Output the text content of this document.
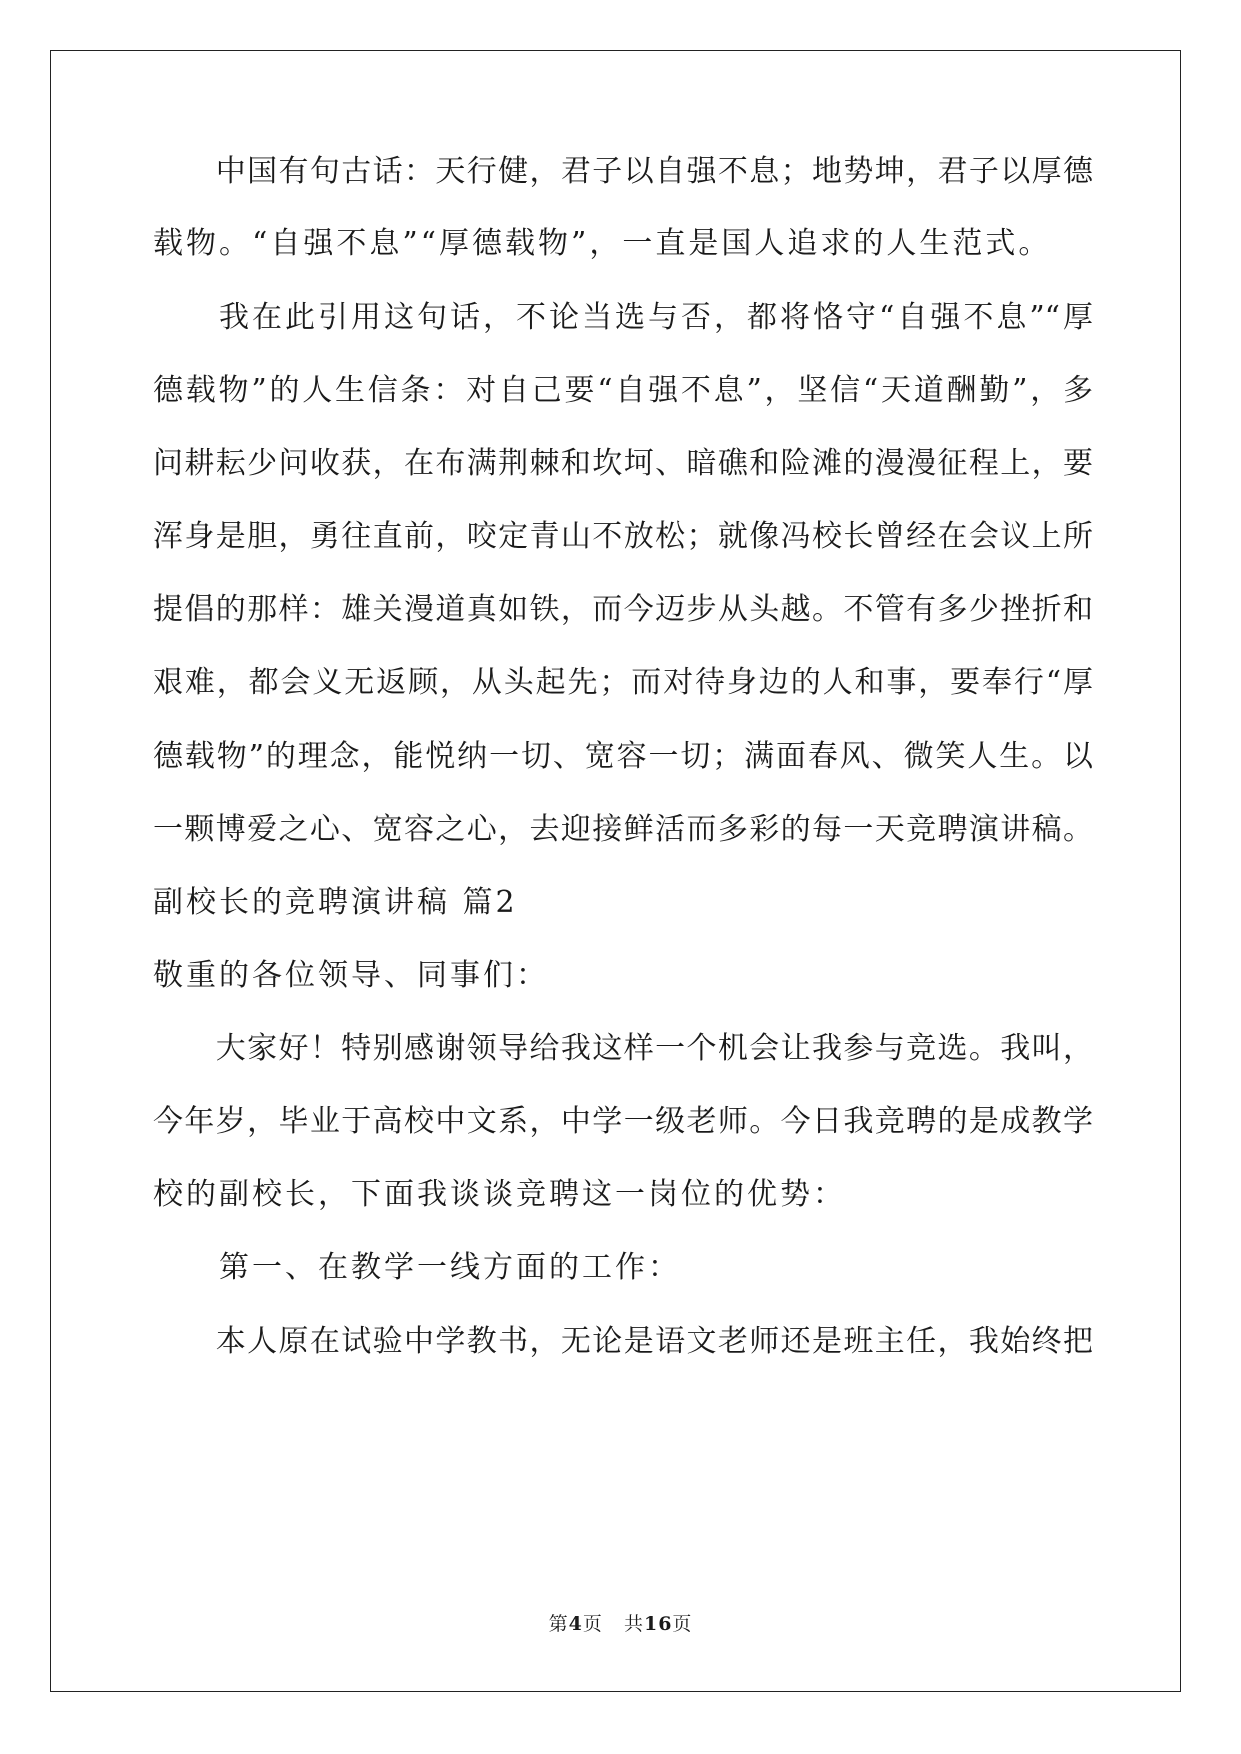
　　中国有句古话：天行健，君子以自强不息；地势坤，君子以厚德
载物。“自强不息”“厚德载物”，一直是国人追求的人生范式。
　　我在此引用这句话，不论当选与否，都将恪守“自强不息”“厚
德载物”的人生信条：对自己要“自强不息”，坚信“天道酬勤”，多
问耕耘少问收获，在布满荆棘和坎坷、暗礁和险滩的漫漫征程上，要
浑身是胆，勇往直前，咬定青山不放松；就像冯校长曾经在会议上所
提倡的那样：雄关漫道真如铁，而今迈步从头越。不管有多少挫折和
艰难，都会义无返顾，从头起先；而对待身边的人和事，要奉行“厚
德载物”的理念，能悦纳一切、宽容一切；满面春风、微笑人生。以
一颗博爱之心、宽容之心，去迎接鲜活而多彩的每一天竞聘演讲稿。
副校长的竞聘演讲稿 篇2
敬重的各位领导、同事们：
　　大家好！特别感谢领导给我这样一个机会让我参与竞选。我叫，
今年岁，毕业于高校中文系，中学一级老师。今日我竞聘的是成教学
校的副校长，下面我谈谈竞聘这一岗位的优势：
　　第一、在教学一线方面的工作：
　　本人原在试验中学教书，无论是语文老师还是班主任，我始终把
第4页 共16页
